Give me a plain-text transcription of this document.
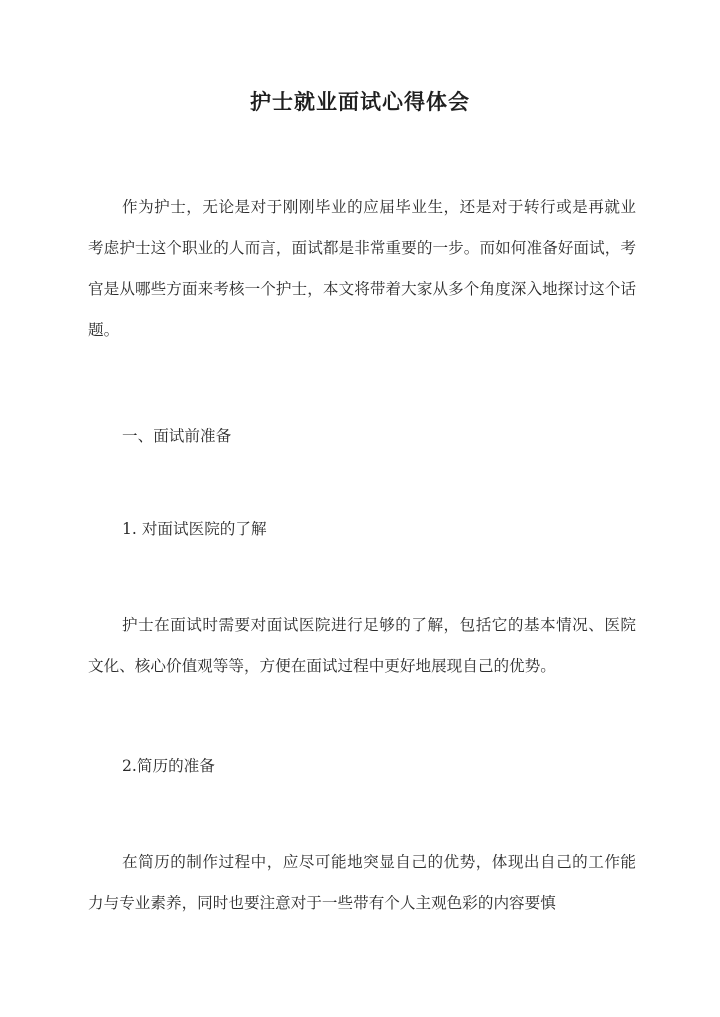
护士就业面试心得体会
作为护士，无论是对于刚刚毕业的应届毕业生，还是对于转行或是再就业考虑护士这个职业的人而言，面试都是非常重要的一步。而如何准备好面试，考官是从哪些方面来考核一个护士，本文将带着大家从多个角度深入地探讨这个话题。
一、面试前准备
1. 对面试医院的了解
护士在面试时需要对面试医院进行足够的了解，包括它的基本情况、医院文化、核心价值观等等，方便在面试过程中更好地展现自己的优势。
2.简历的准备
在简历的制作过程中，应尽可能地突显自己的优势，体现出自己的工作能力与专业素养，同时也要注意对于一些带有个人主观色彩的内容要慎
